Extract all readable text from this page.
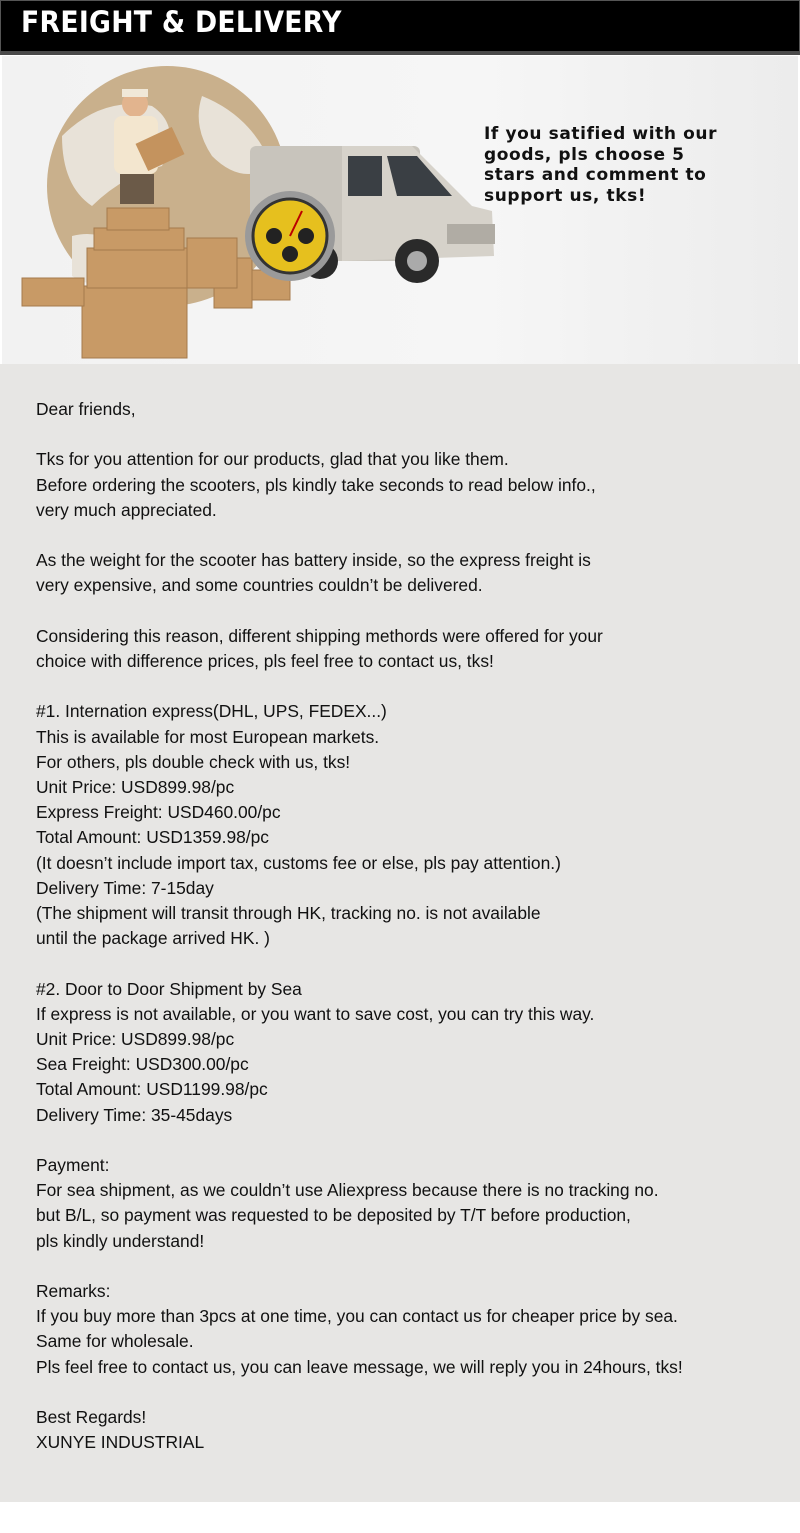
FREIGHT & DELIVERY
If you satified with our
goods, pls choose 5
stars and comment to
support us, tks!
Dear friends,
Tks for you attention for our products, glad that you like them.
Before ordering the scooters, pls kindly take seconds to read below info.,
very much appreciated.
As the weight for the scooter has battery inside, so the express freight is
very expensive, and some countries couldn’t be delivered.
Considering this reason, different shipping methords were offered for your
choice with difference prices, pls feel free to contact us, tks!
#1. Internation express(DHL, UPS, FEDEX...)
This is available for most European markets.
For others, pls double check with us, tks!
Unit Price: USD899.98/pc
Express Freight: USD460.00/pc
Total Amount: USD1359.98/pc
(It doesn’t include import tax, customs fee or else, pls pay attention.)
Delivery Time: 7-15day
(The shipment will transit through HK, tracking no. is not available
until the package arrived HK. )
#2. Door to Door Shipment by Sea
If express is not available, or you want to save cost, you can try this way.
Unit Price: USD899.98/pc
Sea Freight: USD300.00/pc
Total Amount: USD1199.98/pc
Delivery Time: 35-45days
Payment:
For sea shipment, as we couldn’t use Aliexpress because there is no tracking no.
but B/L, so payment was requested to be deposited by T/T before production,
pls kindly understand!
Remarks:
If you buy more than 3pcs at one time, you can contact us for cheaper price by sea.
Same for wholesale.
Pls feel free to contact us, you can leave message, we will reply you in 24hours, tks!
Best Regards!
XUNYE INDUSTRIAL
